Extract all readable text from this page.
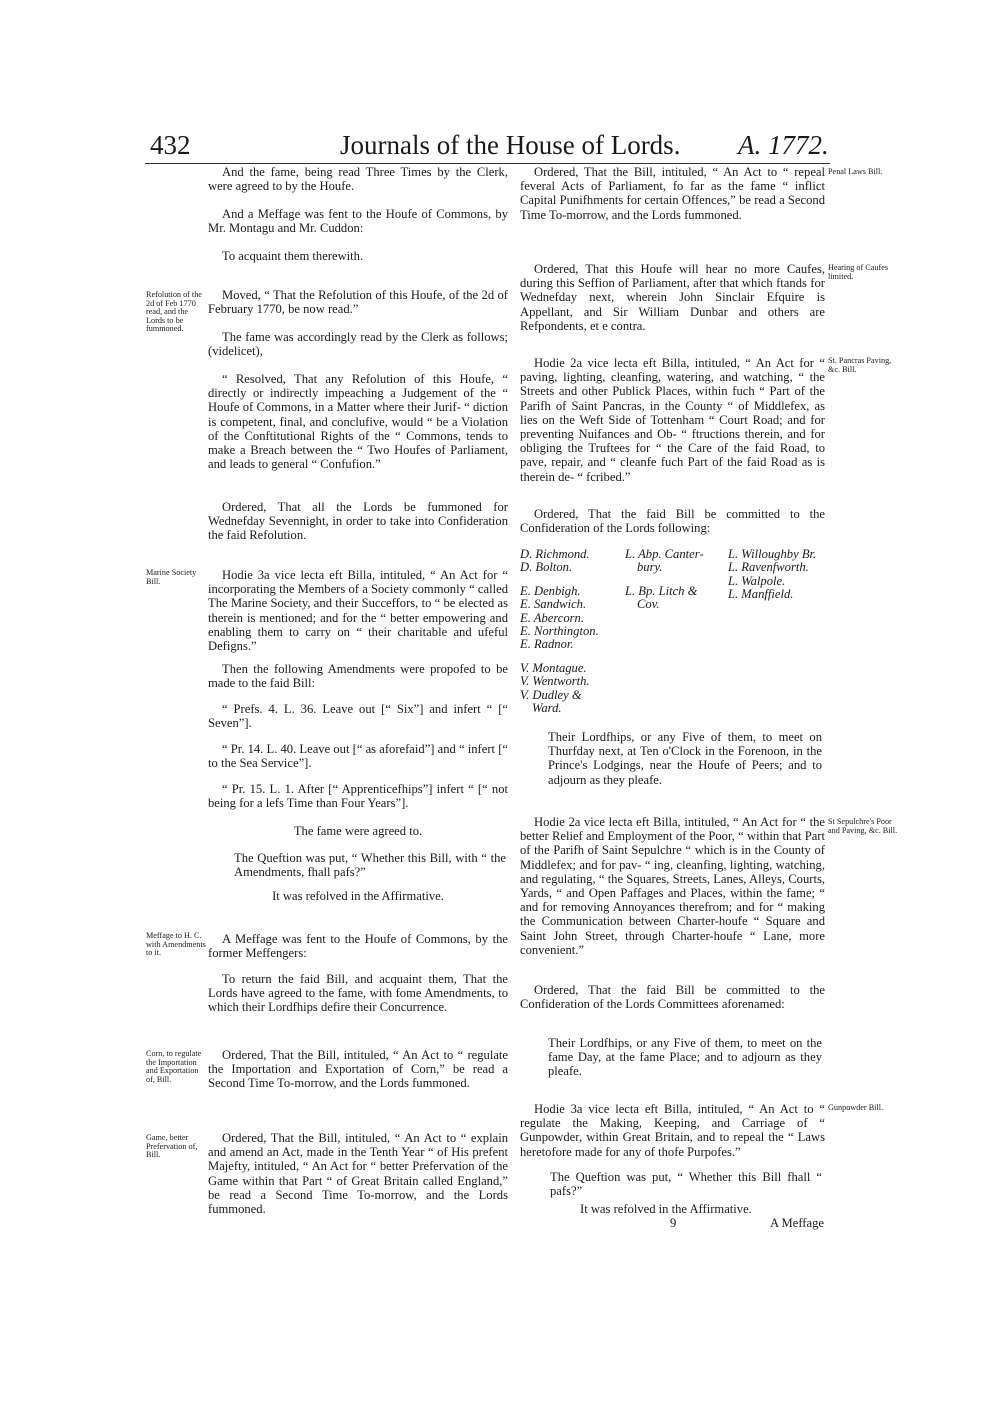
432	Journals of the House of Lords. A. 1772.

And the fame, being read Three Times by the Clerk, were agreed to by the Houfe.

And a Meffage was fent to the Houfe of Commons, by Mr. Montagu and Mr. Cuddon:

To acquaint them therewith.

Moved, “ That the Refolution of this Houfe, of the 2d of February 1770, be now read.”

The fame was accordingly read by the Clerk as follows; (videlicet),

“ Resolved, That any Refolution of this Houfe, “ directly or indirectly impeaching a Judgement of the “ Houfe of Commons, in a Matter where their Jurif- “ diction is competent, final, and conclufive, would “ be a Violation of the Conftitutional Rights of the “ Commons, tends to make a Breach between the “ Two Houfes of Parliament, and leads to general “ Confufion.”

Ordered, That all the Lords be fummoned for Wednefday Sevennight, in order to take into Confideration the faid Refolution.

Hodie 3a vice lecta eft Billa, intituled, “ An Act for “ incorporating the Members of a Society commonly “ called The Marine Society, and their Succeffors, to “ be elected as therein is mentioned; and for the “ better empowering and enabling them to carry on “ their charitable and ufeful Defigns.”

Then the following Amendments were propofed to be made to the faid Bill:

“ Prefs. 4. L. 36. Leave out [“ Six”] and infert “ [“ Seven”].

“ Pr. 14. L. 40. Leave out [“ as aforefaid”] and “ infert [“ to the Sea Service”].

“ Pr. 15. L. 1. After [“ Apprenticefhips”] infert “ [“ not being for a lefs Time than Four Years”].

The fame were agreed to.

The Queftion was put, “ Whether this Bill, with “ the Amendments, fhall pafs?”

It was refolved in the Affirmative.

A Meffage was fent to the Houfe of Commons, by the former Meffengers:

To return the faid Bill, and acquaint them, That the Lords have agreed to the fame, with fome Amendments, to which their Lordfhips defire their Concurrence.

Ordered, That the Bill, intituled, “ An Act to “ regulate the Importation and Exportation of Corn,” be read a Second Time To-morrow, and the Lords fummoned.

Ordered, That the Bill, intituled, “ An Act to “ explain and amend an Act, made in the Tenth Year “ of His prefent Majefty, intituled, “ An Act for “ better Prefervation of the Game within that Part “ of Great Britain called England,” be read a Second Time To-morrow, and the Lords fummoned.

Refolution of the 2d of Feb 1770 read, and the Lords to be fummoned.
Marine Society Bill.
Meffage to H. C. with Amendments to it.
Corn, to regulate the Importation and Exportation of, Bill.
Game, better Prefervation of, Bill.

Ordered, That the Bill, intituled, “ An Act to “ repeal feveral Acts of Parliament, fo far as the fame “ inflict Capital Punifhments for certain Offences,” be read a Second Time To-morrow, and the Lords fummoned.

Ordered, That this Houfe will hear no more Caufes, during this Seffion of Parliament, after that which ftands for Wednefday next, wherein John Sinclair Efquire is Appellant, and Sir William Dunbar and others are Refpondents, et e contra.

Hodie 2a vice lecta eft Billa, intituled, “ An Act for “ paving, lighting, cleanfing, watering, and watching, “ the Streets and other Publick Places, within fuch “ Part of the Parifh of Saint Pancras, in the County “ of Middlefex, as lies on the Weft Side of Tottenham “ Court Road; and for preventing Nuifances and Ob- “ ftructions therein, and for obliging the Truftees for “ the Care of the faid Road, to pave, repair, and “ cleanfe fuch Part of the faid Road as is therein de- “ fcribed.”

Ordered, That the faid Bill be committed to the Confideration of the Lords following:

D. Richmond.
D. Bolton.
E. Denbigh.
E. Sandwich.
E. Abercorn.
E. Northington.
E. Radnor.
V. Montague.
V. Wentworth.
V. Dudley &
Ward.
L. Abp. Canter-
bury.
L. Bp. Litch &
Cov.
L. Willoughby Br.
L. Ravenfworth.
L. Walpole.
L. Manffield.

Their Lordfhips, or any Five of them, to meet on Thurfday next, at Ten o'Clock in the Forenoon, in the Prince's Lodgings, near the Houfe of Peers; and to adjourn as they pleafe.

Hodie 2a vice lecta eft Billa, intituled, “ An Act for “ the better Relief and Employment of the Poor, “ within that Part of the Parifh of Saint Sepulchre “ which is in the County of Middlefex; and for pav- “ ing, cleanfing, lighting, watching, and regulating, “ the Squares, Streets, Lanes, Alleys, Courts, Yards, “ and Open Paffages and Places, within the fame; “ and for removing Annoyances therefrom; and for “ making the Communication between Charter-houfe “ Square and Saint John Street, through Charter-houfe “ Lane, more convenient.”

Ordered, That the faid Bill be committed to the Confideration of the Lords Committees aforenamed:

Their Lordfhips, or any Five of them, to meet on the fame Day, at the fame Place; and to adjourn as they pleafe.

Hodie 3a vice lecta eft Billa, intituled, “ An Act to “ regulate the Making, Keeping, and Carriage of “ Gunpowder, within Great Britain, and to repeal the “ Laws heretofore made for any of thofe Purpofes.”

The Queftion was put, “ Whether this Bill fhall “ pafs?”

It was refolved in the Affirmative.

9	A Meffage
Penal Laws Bill.
Hearing of Caufes limited.
St. Pancras Paving, &c. Bill.
St Sepulchre's Poor and Paving, &c. Bill.
Gunpowder Bill.
